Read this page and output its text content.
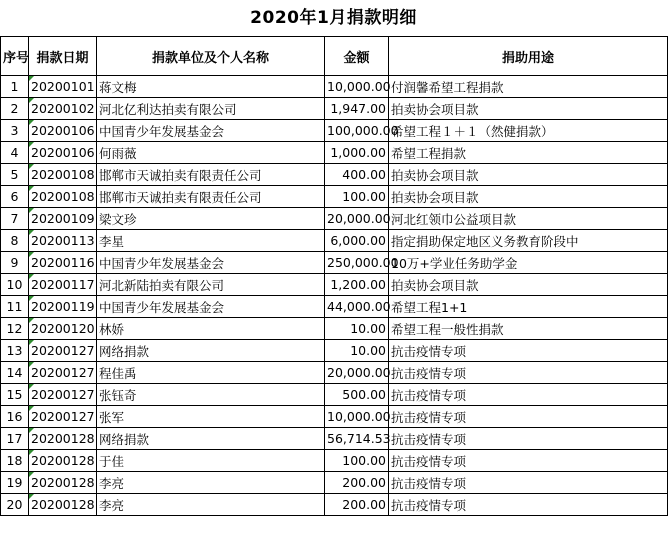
2020年1月捐款明细
序号	捐款日期	捐款单位及个人名称	金额	捐助用途
1	20200101	蒋文梅	10,000.00	付润馨希望工程捐款
2	20200102	河北亿利达拍卖有限公司	1,947.00	拍卖协会项目款
3	20200106	中国青少年发展基金会	100,000.00	希望工程１＋１（然健捐款）
4	20200106	何雨薇	1,000.00	希望工程捐款
5	20200108	邯郸市天诚拍卖有限责任公司	400.00	拍卖协会项目款
6	20200108	邯郸市天诚拍卖有限责任公司	100.00	拍卖协会项目款
7	20200109	梁文珍	20,000.00	河北红领巾公益项目款
8	20200113	李星	6,000.00	指定捐助保定地区义务教育阶段中
9	20200116	中国青少年发展基金会	250,000.00	10万+学业任务助学金
10	20200117	河北新陆拍卖有限公司	1,200.00	拍卖协会项目款
11	20200119	中国青少年发展基金会	44,000.00	希望工程1+1
12	20200120	林娇	10.00	希望工程一般性捐款
13	20200127	网络捐款	10.00	抗击疫情专项
14	20200127	程佳禹	20,000.00	抗击疫情专项
15	20200127	张钰奇	500.00	抗击疫情专项
16	20200127	张军	10,000.00	抗击疫情专项
17	20200128	网络捐款	56,714.53	抗击疫情专项
18	20200128	于佳	100.00	抗击疫情专项
19	20200128	李亮	200.00	抗击疫情专项
20	20200128	李亮	200.00	抗击疫情专项
